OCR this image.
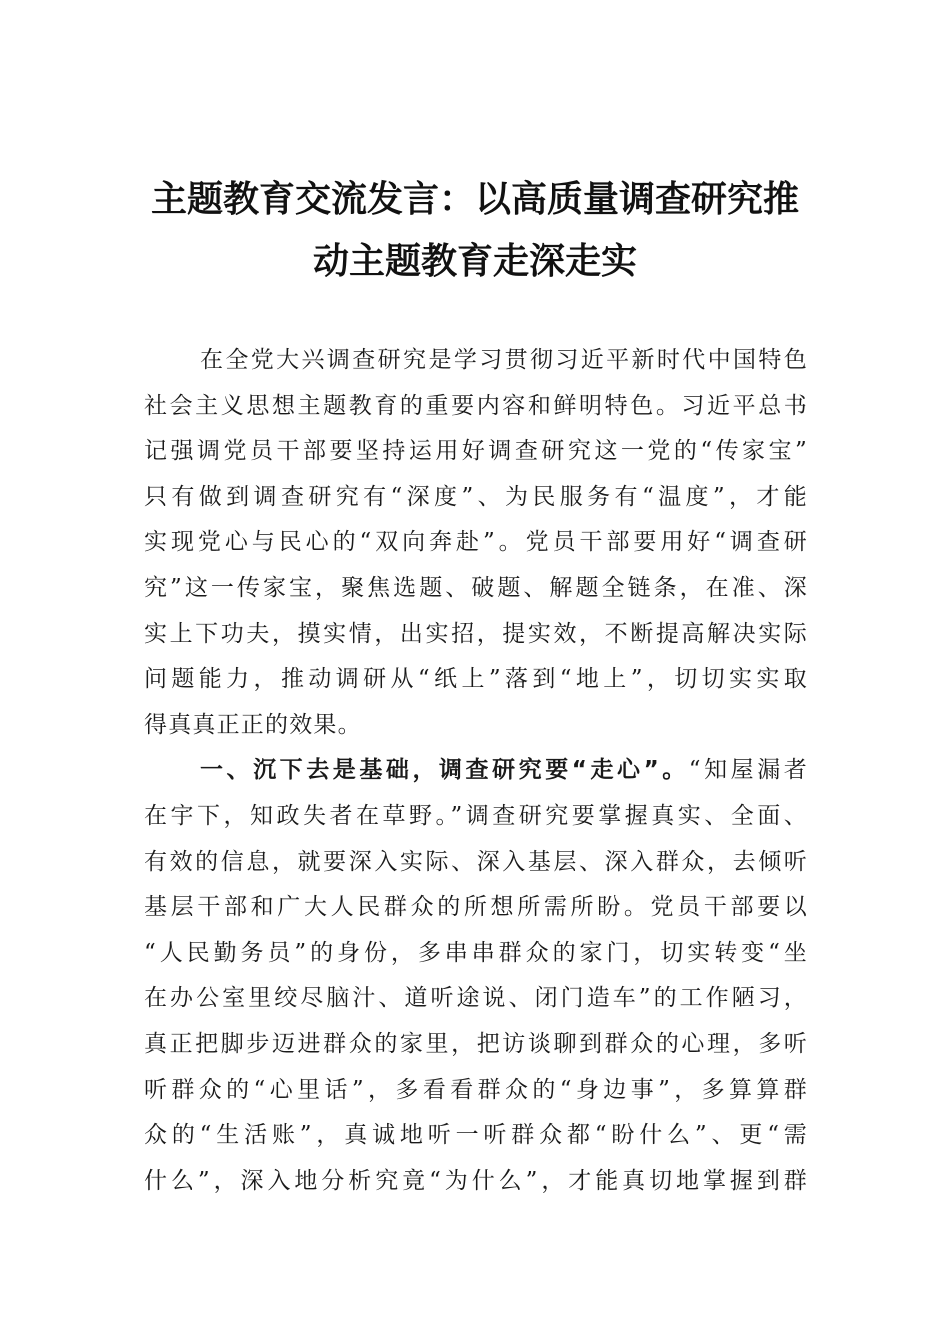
主题教育交流发言：以高质量调查研究推
动主题教育走深走实
在全党大兴调查研究是学习贯彻习近平新时代中国特色
社会主义思想主题教育的重要内容和鲜明特色。习近平总书
记强调党员干部要坚持运用好调查研究这一党的“传家宝”
只有做到调查研究有“深度”、为民服务有“温度”，才能
实现党心与民心的“双向奔赴”。党员干部要用好“调查研
究”这一传家宝，聚焦选题、破题、解题全链条，在准、深
实上下功夫，摸实情，出实招，提实效，不断提高解决实际
问题能力，推动调研从“纸上”落到“地上”，切切实实取
得真真正正的效果。
一、沉下去是基础，调查研究要“走心”。“知屋漏者
在宇下，知政失者在草野。”调查研究要掌握真实、全面、
有效的信息，就要深入实际、深入基层、深入群众，去倾听
基层干部和广大人民群众的所想所需所盼。党员干部要以
“人民勤务员”的身份，多串串群众的家门，切实转变“坐
在办公室里绞尽脑汁、道听途说、闭门造车”的工作陋习，
真正把脚步迈进群众的家里，把访谈聊到群众的心理，多听
听群众的“心里话”，多看看群众的“身边事”，多算算群
众的“生活账”，真诚地听一听群众都“盼什么”、更“需
什么”，深入地分析究竟“为什么”，才能真切地掌握到群
